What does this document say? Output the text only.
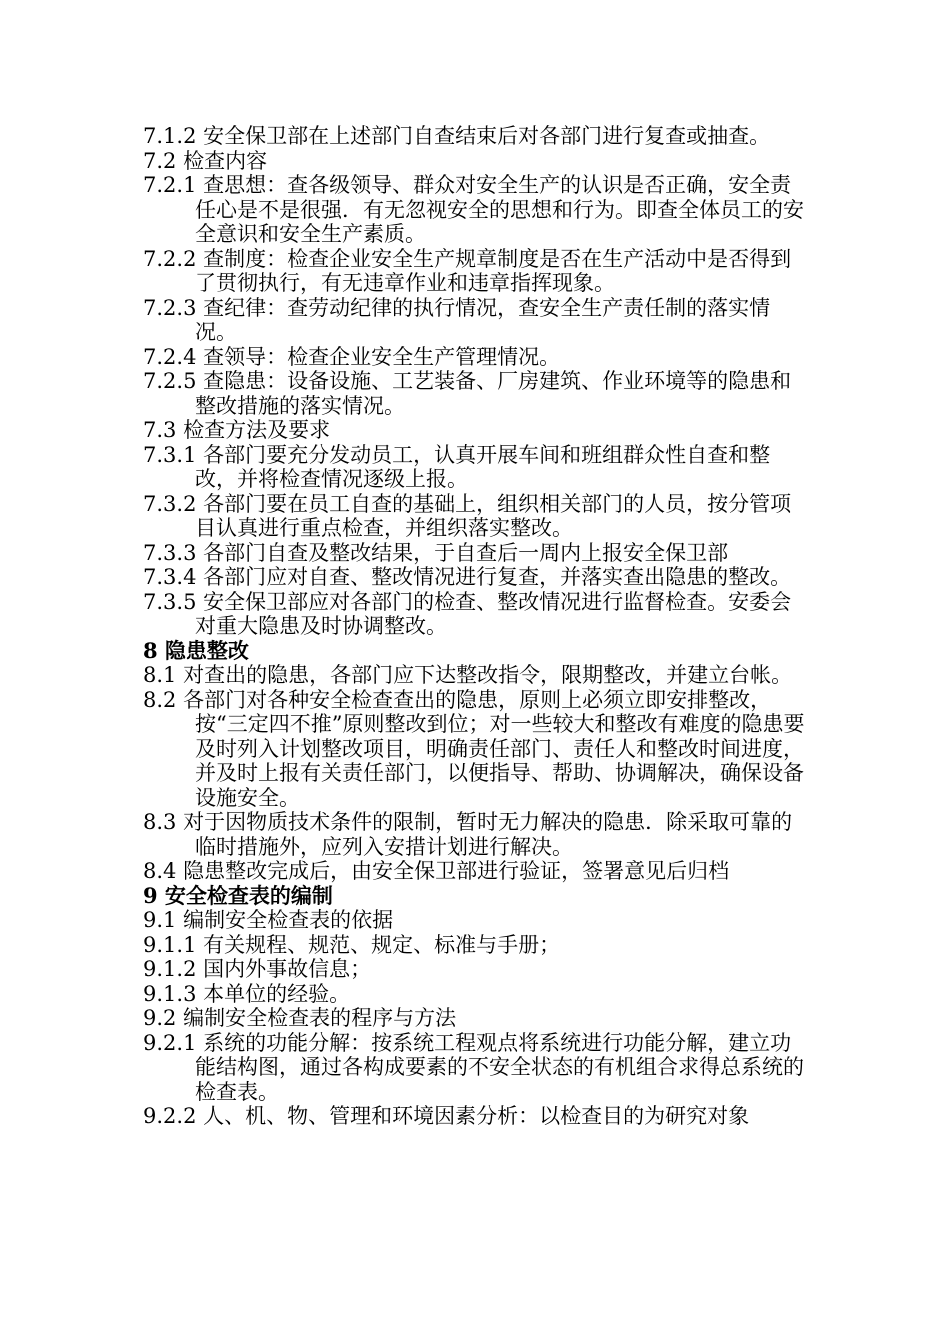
7.1.2 安全保卫部在上述部门自查结束后对各部门进行复查或抽查。

7.2 检查内容

7.2.1 查思想：查各级领导、群众对安全生产的认识是否正确，安全责任心是不是很强．有无忽视安全的思想和行为。即查全体员工的安全意识和安全生产素质。

7.2.2 查制度：检查企业安全生产规章制度是否在生产活动中是否得到了贯彻执行，有无违章作业和违章指挥现象。

7.2.3 查纪律：查劳动纪律的执行情况，查安全生产责任制的落实情况。

7.2.4 查领导：检查企业安全生产管理情况。

7.2.5 查隐患：设备设施、工艺装备、厂房建筑、作业环境等的隐患和整改措施的落实情况。

7.3 检查方法及要求

7.3.1 各部门要充分发动员工，认真开展车间和班组群众性自查和整改，并将检查情况逐级上报。

7.3.2 各部门要在员工自查的基础上，组织相关部门的人员，按分管项目认真进行重点检查，并组织落实整改。

7.3.3 各部门自查及整改结果，于自查后一周内上报安全保卫部

7.3.4 各部门应对自查、整改情况进行复查，并落实查出隐患的整改。

7.3.5 安全保卫部应对各部门的检查、整改情况进行监督检查。安委会对重大隐患及时协调整改。

8 隐患整改

8.1 对查出的隐患，各部门应下达整改指令，限期整改，并建立台帐。

8.2 各部门对各种安全检查查出的隐患，原则上必须立即安排整改，按“三定四不推”原则整改到位；对一些较大和整改有难度的隐患要及时列入计划整改项目，明确责任部门、责任人和整改时间进度，并及时上报有关责任部门，以便指导、帮助、协调解决，确保设备设施安全。

8.3 对于因物质技术条件的限制，暂时无力解决的隐患．除采取可靠的临时措施外，应列入安措计划进行解决。

8.4 隐患整改完成后，由安全保卫部进行验证，签署意见后归档

9 安全检查表的编制

9.1 编制安全检查表的依据

9.1.1 有关规程、规范、规定、标准与手册；

9.1.2 国内外事故信息；

9.1.3 本单位的经验。

9.2 编制安全检查表的程序与方法

9.2.1 系统的功能分解：按系统工程观点将系统进行功能分解，建立功能结构图，通过各构成要素的不安全状态的有机组合求得总系统的检查表。

9.2.2 人、机、物、管理和环境因素分析：以检查目的为研究对象
